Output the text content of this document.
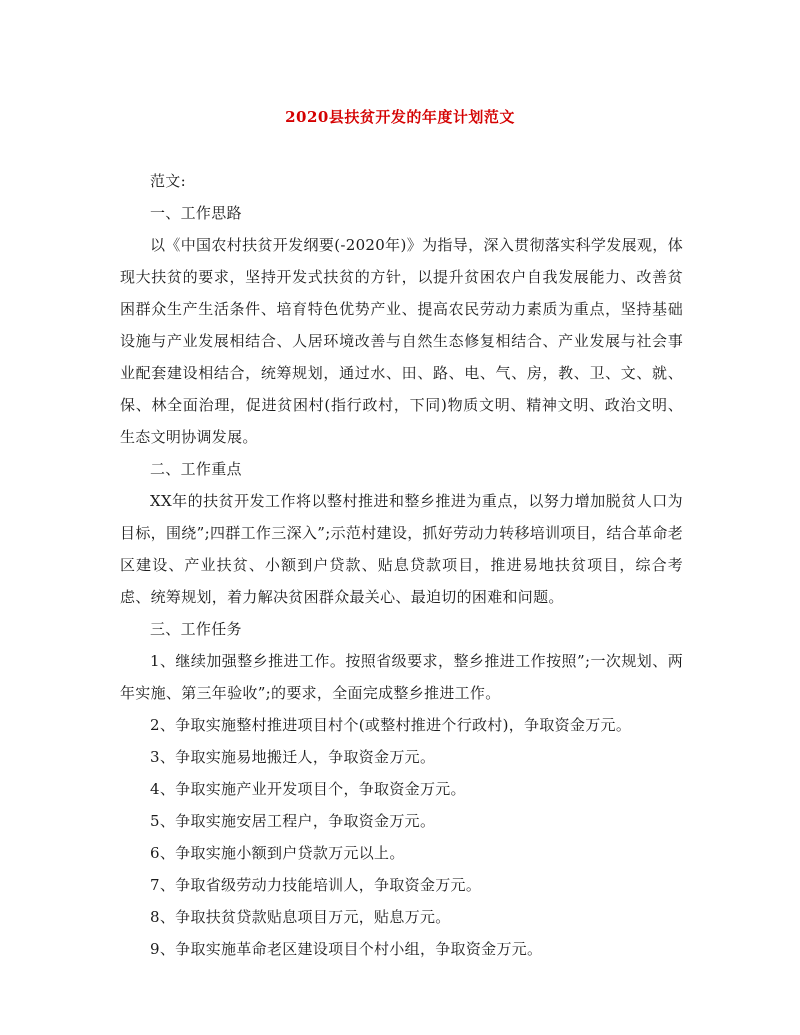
2020县扶贫开发的年度计划范文

范文:

一、工作思路

以《中国农村扶贫开发纲要(-2020年)》为指导，深入贯彻落实科学发展观，体现大扶贫的要求，坚持开发式扶贫的方针，以提升贫困农户自我发展能力、改善贫困群众生产生活条件、培育特色优势产业、提高农民劳动力素质为重点，坚持基础设施与产业发展相结合、人居环境改善与自然生态修复相结合、产业发展与社会事业配套建设相结合，统筹规划，通过水、田、路、电、气、房，教、卫、文、就、保、林全面治理，促进贫困村(指行政村，下同)物质文明、精神文明、政治文明、生态文明协调发展。

二、工作重点

XX年的扶贫开发工作将以整村推进和整乡推进为重点，以努力增加脱贫人口为目标，围绕”;四群工作三深入”;示范村建设，抓好劳动力转移培训项目，结合革命老区建设、产业扶贫、小额到户贷款、贴息贷款项目，推进易地扶贫项目，综合考虑、统筹规划，着力解决贫困群众最关心、最迫切的困难和问题。

三、工作任务

1、继续加强整乡推进工作。按照省级要求，整乡推进工作按照”;一次规划、两年实施、第三年验收”;的要求，全面完成整乡推进工作。

2、争取实施整村推进项目村个(或整村推进个行政村)，争取资金万元。

3、争取实施易地搬迁人，争取资金万元。

4、争取实施产业开发项目个，争取资金万元。

5、争取实施安居工程户，争取资金万元。

6、争取实施小额到户贷款万元以上。

7、争取省级劳动力技能培训人，争取资金万元。

8、争取扶贫贷款贴息项目万元，贴息万元。

9、争取实施革命老区建设项目个村小组，争取资金万元。
